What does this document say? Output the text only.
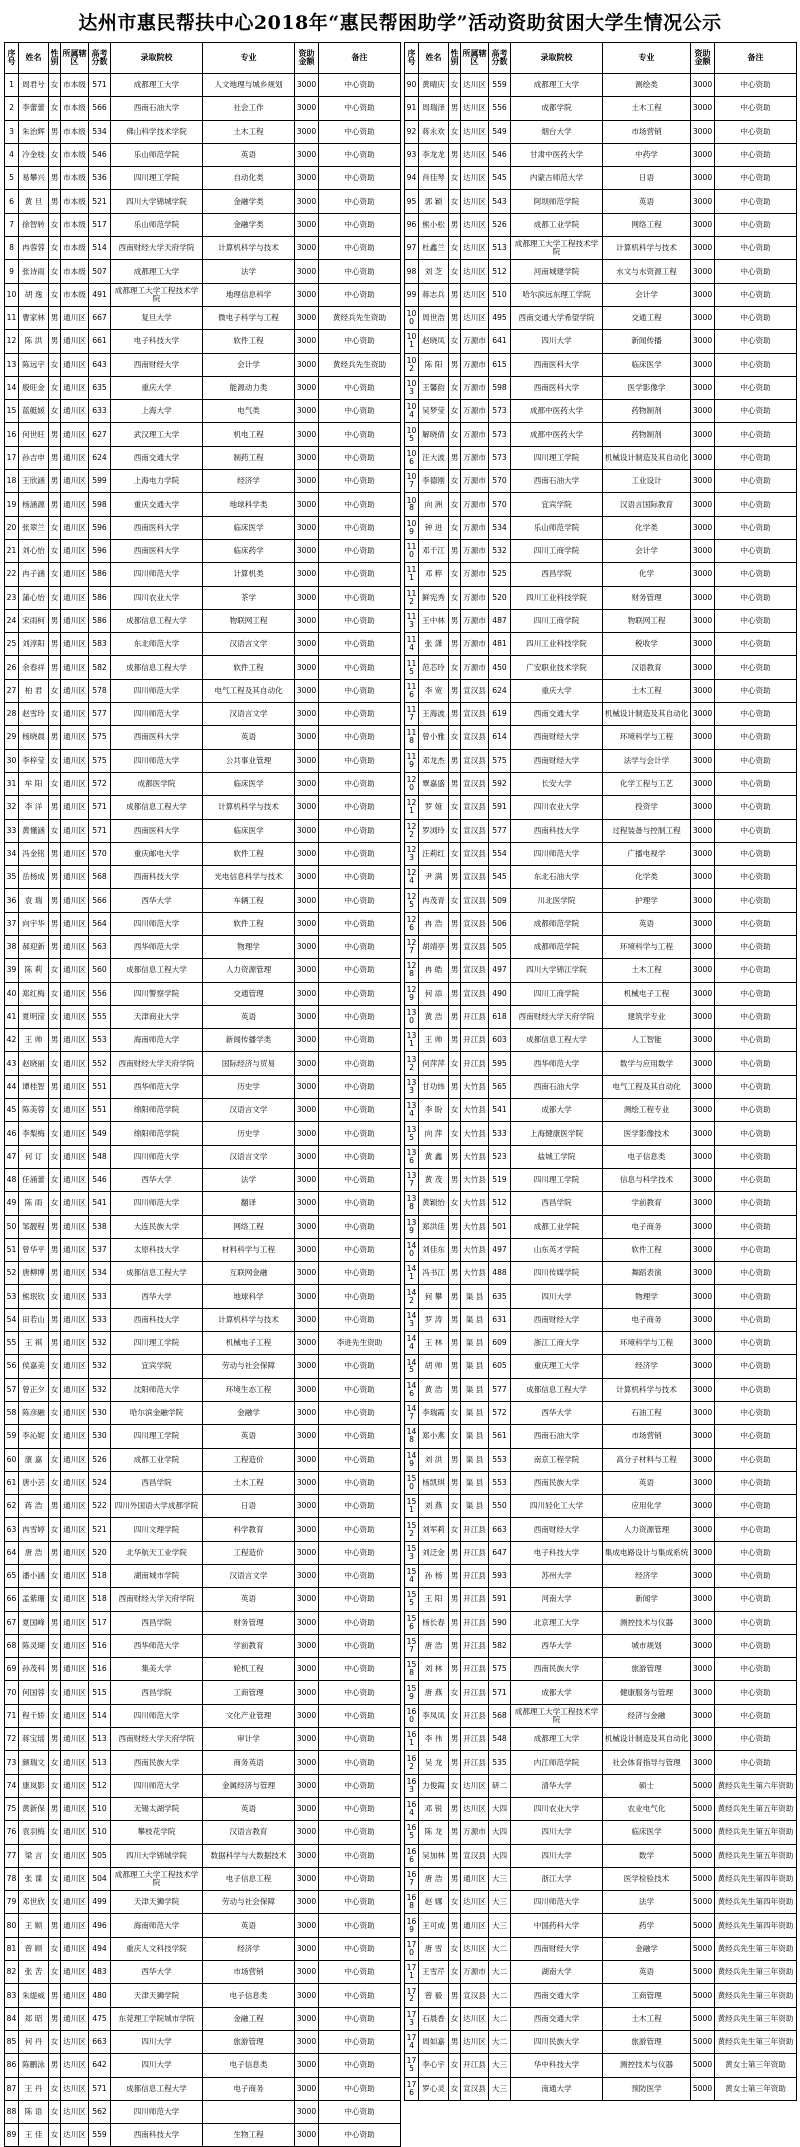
达州市惠民帮扶中心2018年“惠民帮困助学”活动资助贫困大学生情况公示
序号	姓名	性别	所属辖区	高考分数	录取院校	专业	资助金额	备注
1	周君兮	女	市本级	571	成都理工大学	人文地理与城乡规划	3000	中心资助
2	李蕾蕾	女	市本级	566	西南石油大学	社会工作	3000	中心资助
3	朱治辉	男	市本级	534	佛山科学技术学院	土木工程	3000	中心资助
4	冷金枝	女	市本级	546	乐山师范学院	英语	3000	中心资助
5	易攀兴	男	市本级	536	四川理工学院	自动化类	3000	中心资助
6	黄 旦	男	市本级	521	四川大学锦城学院	金融学类	3000	中心资助
7	徐智转	女	市本级	517	乐山师范学院	金融学类	3000	中心资助
8	冉蓉蓉	女	市本级	514	西南财经大学天府学院	计算机科学与技术	3000	中心资助
9	张诗雨	女	市本级	507	成都理工大学	法学	3000	中心资助
10	胡 逸	女	市本级	491	成都理工大学工程技术学院	地理信息科学	3000	中心资助
11	曹家林	男	通川区	667	复旦大学	微电子科学与工程	3000	黄经兵先生资助
12	陈 洪	男	通川区	661	电子科技大学	软件工程	3000	中心资助
13	陈远宇	女	通川区	643	西南财经大学	会计学	3000	黄经兵先生资助
14	殷旺金	女	通川区	635	重庆大学	能源动力类	3000	中心资助
15	蓝艇媛	女	通川区	633	上海大学	电气类	3000	中心资助
16	何世旺	男	通川区	627	武汉理工大学	机电工程	3000	中心资助
17	孙吉申	男	通川区	624	西南交通大学	制药工程	3000	中心资助
18	王欣涵	男	通川区	599	上海电力学院	经济学	3000	中心资助
19	杨涵源	男	通川区	598	重庆交通大学	地球科学类	3000	中心资助
20	张翠兰	女	通川区	596	西南医科大学	临床医学	3000	中心资助
21	刘心怡	女	通川区	596	西南医科大学	临床药学	3000	中心资助
22	冉子涵	女	通川区	586	四川师范大学	计算机类	3000	中心资助
23	蒲心怡	女	通川区	586	四川农业大学	茶学	3000	中心资助
24	宋雨柯	男	通川区	586	成都信息工程大学	物联网工程	3000	中心资助
25	刘淳阳	男	通川区	583	东北师范大学	汉语言文学	3000	中心资助
26	余春祥	男	通川区	582	成都信息工程大学	软件工程	3000	中心资助
27	柏 君	女	通川区	578	四川师范大学	电气工程及其自动化	3000	中心资助
28	赵雪玲	女	通川区	577	四川师范大学	汉语言文学	3000	中心资助
29	杨晓晨	男	通川区	575	西南医科大学	英语	3000	中心资助
30	李梓莹	女	通川区	575	四川师范大学	公共事业管理	3000	中心资助
31	牟 阳	女	通川区	572	成都医学院	临床医学	3000	中心资助
32	李 洋	男	通川区	571	成都信息工程大学	计算机科学与技术	3000	中心资助
33	黄懂涵	女	通川区	571	西南医科大学	临床医学	3000	中心资助
34	冯金铭	男	通川区	570	重庆邮电大学	软件工程	3000	中心资助
35	岳杨成	男	通川区	568	西南科技大学	光电信息科学与技术	3000	中心资助
36	袁 瑞	男	通川区	566	西华大学	车辆工程	3000	中心资助
37	向宇华	男	通川区	564	四川师范大学	软件工程	3000	中心资助
38	郝迎新	男	通川区	563	西华师范大学	物理学	3000	中心资助
39	陈 莉	女	通川区	560	成都信息工程大学	人力资源管理	3000	中心资助
40	郑红梅	女	通川区	556	四川警察学院	交通管理	3000	中心资助
41	夏明滢	女	通川区	555	天津商业大学	英语	3000	中心资助
42	王 帅	男	通川区	553	海南师范大学	新闻传播学类	3000	中心资助
43	赵晓丽	女	通川区	552	西南财经大学天府学院	国际经济与贸易	3000	中心资助
44	谭桂智	男	通川区	551	西华师范大学	历史学	3000	中心资助
45	陈美蓉	女	通川区	551	绵阳师范学院	汉语言文学	3000	中心资助
46	李梨梅	女	通川区	549	绵阳师范学院	历史学	3000	中心资助
47	何 订	女	通川区	548	四川师范大学	汉语言文学	3000	中心资助
48	任涌蕾	女	通川区	546	西华大学	法学	3000	中心资助
49	陈 雨	女	通川区	541	四川师范大学	翻译	3000	中心资助
50	邹靓程	男	通川区	538	大连民族大学	网络工程	3000	中心资助
51	曾华平	男	通川区	537	太原科技大学	材料科学与工程	3000	中心资助
52	唐柳博	男	通川区	534	成都信息工程大学	互联网金融	3000	中心资助
53	熊珉钦	女	通川区	533	西华大学	地球科学	3000	中心资助
54	田若山	男	通川区	533	西南科技大学	计算机科学与技术	3000	中心资助
55	王 祺	男	通川区	532	四川理工学院	机械电子工程	3000	李进先生资助
56	侯嘉美	女	通川区	532	宜宾学院	劳动与社会保障	3000	中心资助
57	曾正夕	女	通川区	532	沈阳师范大学	环境生态工程	3000	中心资助
58	陈彦融	女	通川区	530	哈尔滨金融学院	金融学	3000	中心资助
59	李沁妮	女	通川区	530	四川理工学院	英语	3000	中心资助
60	康 嘉	女	通川区	526	成都工业学院	工程造价	3000	中心资助
61	唐小芸	女	通川区	524	西昌学院	土木工程	3000	中心资助
62	蒋 浩	男	通川区	522	四川外国语大学成都学院	日语	3000	中心资助
63	冉雪婷	女	通川区	521	四川文理学院	科学教育	3000	中心资助
64	唐 浩	男	通川区	520	北华航天工业学院	工程造价	3000	中心资助
65	潘小涵	女	通川区	518	湖南城市学院	汉语言文学	3000	中心资助
66	孟紫珊	女	通川区	518	西南财经大学天府学院	英语	3000	中心资助
67	夏国峰	男	通川区	517	西昌学院	财务管理	3000	中心资助
68	陈灵瑚	女	通川区	516	西华师范大学	学前教育	3000	中心资助
69	孙茂科	男	通川区	516	集美大学	轮机工程	3000	中心资助
70	何国蓉	女	通川区	515	西昌学院	工商管理	3000	中心资助
71	程千娇	女	通川区	514	四川师范大学	文化产业管理	3000	中心资助
72	蒋宝瑶	男	通川区	513	西南财经大学天府学院	审计学	3000	中心资助
73	颜瑞文	女	通川区	513	西南民族大学	商务英语	3000	中心资助
74	康岚影	女	通川区	512	四川师范大学	金属经济与管理	3000	中心资助
75	黄新保	男	通川区	510	无锡太湖学院	英语	3000	中心资助
76	袁羽梅	女	通川区	510	攀枝花学院	汉语言教育	3000	中心资助
77	梁 言	女	通川区	505	四川大学锦城学院	数据科学与大数据技术	3000	中心资助
78	张 谍	女	通川区	504	成都理工大学工程技术学院	电子信息工程	3000	中心资助
79	邓世欣	女	通川区	499	天津天狮学院	劳动与社会保障	3000	中心资助
80	王 顺	男	通川区	496	海南师范大学	英语	3000	中心资助
81	曾 顾	女	通川区	494	重庆人文科技学院	经济学	3000	中心资助
82	张 苦	女	通川区	483	西华大学	市场营销	3000	中心资助
83	朱缇威	男	通川区	480	天津天狮学院	电子信息类	3000	中心资助
84	郑 昭	男	通川区	475	东莞理工学院城市学院	金融工程	3000	中心资助
85	何 丹	女	达川区	663	四川大学	旅游管理	3000	中心资助
86	陈鹏泳	男	达川区	642	四川大学	电子信息类	3000	中心资助
87	王 丹	女	达川区	571	成都信息工程大学	电子商务	3000	中心资助
88	陈 语	女	达川区	562	四川师范大学		3000	中心资助
89	王 佳	女	达川区	559	西南科技大学	生物工程	3000	中心资助
序号	姓名	性别	所属辖区	高考分数	录取院校	专业	资助金额	备注
90	黄晴庆	女	达川区	559	成都理工大学	测绘类	3000	中心资助
91	周瑞泽	男	达川区	556	成都学院	土木工程	3000	中心资助
92	蒋永欢	女	达川区	549	烟台大学	市场营销	3000	中心资助
93	李龙龙	男	达川区	546	甘肃中医药大学	中药学	3000	中心资助
94	肖佳琴	女	达川区	545	内蒙古师范大学	日语	3000	中心资助
95	郭 颖	女	达川区	543	阿坝师范学院	英语	3000	中心资助
96	熊小松	男	达川区	526	成都工业学院	网络工程	3000	中心资助
97	杜鑫兰	女	达川区	513	成都理工大学工程技术学院	计算机科学与技术	3000	中心资助
98	刘 芝	女	达川区	512	河南城建学院	水文与水资源工程	3000	中心资助
99	蒋志兵	男	达川区	510	哈尔滨远东理工学院	会计学	3000	中心资助
100	周世浩	男	达川区	495	西南交通大学希望学院	交通工程	3000	中心资助
101	赵晓凤	女	万源市	641	四川大学	新闻传播	3000	中心资助
102	陈 阳	男	万源市	615	西南医科大学	临床医学	3000	中心资助
103	王馨韵	女	万源市	598	西南医科大学	医学影像学	3000	中心资助
104	吴梦莹	女	万源市	573	成都中医药大学	药物制剂	3000	中心资助
105	解晓倩	女	万源市	573	成都中医药大学	药物制剂	3000	中心资助
106	汪大波	男	万源市	573	四川理工学院	机械设计制造及其自动化	3000	中心资助
107	李德刚	女	万源市	570	西南石油大学	工业设计	3000	中心资助
108	向 洲	女	万源市	570	宜宾学院	汉语言国际教育	3000	中心资助
109	钟 进	女	万源市	534	乐山师范学院	化学类	3000	中心资助
110	邓千江	男	万源市	532	四川工商学院	会计学	3000	中心资助
111	邓 粹	女	万源市	525	西昌学院	化学	3000	中心资助
112	鲜宪秀	女	万源市	520	四川工业科技学院	财务管理	3000	中心资助
113	王中林	男	万源市	487	四川工商学院	物联网工程	3000	中心资助
114	张 潇	男	万源市	481	四川工业科技学院	税收学	3000	中心资助
115	范芯玲	女	万源市	450	广安职业技术学院	汉语教育	3000	中心资助
116	李 宽	男	宣汉县	624	重庆大学	土木工程	3000	中心资助
117	王海波	男	宣汉县	619	西南交通大学	机械设计制造及其自动化	3000	中心资助
118	曾小雅	女	宣汉县	614	西南财经大学	环境科学与工程	3000	中心资助
119	邓龙杰	男	宣汉县	575	西南财经大学	法学与会计学	3000	中心资助
120	覃嘉盛	男	宣汉县	592	长安大学	化学工程与工艺	3000	中心资助
121	罗 娅	女	宣汉县	591	四川农业大学	投资学	3000	中心资助
122	罗浏玲	女	宣汉县	577	西南科技大学	过程装备与控制工程	3000	中心资助
123	汪莉红	女	宣汉县	554	四川师范大学	广播电视学	3000	中心资助
124	尹 满	男	宣汉县	545	东北石油大学	化学类	3000	中心资助
125	冉茂青	女	宣汉县	509	川北医学院	护理学	3000	中心资助
126	冉 浩	男	宣汉县	506	成都师范学院	英语	3000	中心资助
127	胡靖亭	男	宣汉县	505	成都师范学院	环境科学与工程	3000	中心资助
128	冉 皓	男	宣汉县	497	四川大学锦江学院	土木工程	3000	中心资助
129	何 添	男	宣汉县	490	四川工商学院	机械电子工程	3000	中心资助
130	黄 浩	男	开江县	618	西南财经大学天府学院	建筑学专业	3000	中心资助
131	王 帅	男	开江县	603	成都信息工程大学	人工智能	3000	中心资助
132	何萍萍	女	开江县	595	西华师范大学	数学与应用数学	3000	中心资助
133	甘功炜	男	大竹县	565	西南石油大学	电气工程及其自动化	3000	中心资助
134	李 盼	女	大竹县	541	成都大学	测绘工程专业	3000	中心资助
135	向 萍	女	大竹县	533	上海健康医学院	医学影像技术	3000	中心资助
136	黄 鑫	男	大竹县	523	盐城工学院	电子信息类	3000	中心资助
137	黄 茂	男	大竹县	519	四川理工学院	信息与科学技术	3000	中心资助
138	黄颖怡	女	大竹县	512	西昌学院	学前教育	3000	中心资助
139	郑洪佳	男	大竹县	501	成都工业学院	电子商务	3000	中心资助
140	刘佳东	男	大竹县	497	山东英才学院	软件工程	3000	中心资助
141	冯书江	男	大竹县	488	四川传媒学院	舞蹈表演	3000	中心资助
142	何 攀	男	渠 县	635	四川大学	物理学	3000	中心资助
143	罗 涛	男	渠 县	631	西南财经大学	电子商务	3000	中心资助
144	王 林	男	渠 县	609	浙江工商大学	环境科学与工程	3000	中心资助
145	胡 帅	男	渠 县	605	重庆理工大学	经济学	3000	中心资助
146	黄 浩	男	渠 县	577	成都信息工程大学	计算机科学与技术	3000	中心资助
147	李瑞霞	女	渠 县	572	西华大学	石油工程	3000	中心资助
148	郑小燕	女	渠 县	561	西南石油大学	市场营销	3000	中心资助
149	刘 洪	男	渠 县	553	南京工程学院	高分子材料与工程	3000	中心资助
150	杨凯琪	男	渠 县	553	西南民族大学	英语	3000	中心资助
151	刘 燕	女	渠 县	550	四川轻化工大学	应用化学	3000	中心资助
152	刘军莉	女	开江县	663	西南财经大学	人力资源管理	3000	中心资助
153	刘泛金	男	开江县	647	电子科技大学	集成电路设计与集成系统	3000	中心资助
154	孙 杨	男	开江县	593	苏州大学	经济学	3000	中心资助
155	王 阳	男	开江县	591	河南大学	新闻学	3000	中心资助
156	杨长春	男	开江县	590	北京理工大学	测控技术与仪器	3000	中心资助
157	唐 浩	男	开江县	582	西华大学	城市规划	3000	中心资助
158	刘 林	男	开江县	575	西南民族大学	旅游管理	3000	中心资助
159	唐 燕	女	开江县	571	成都大学	健康服务与管理	3000	中心资助
160	李凤凤	女	开江县	568	成都理工大学工程技术学院	经济与金融	3000	中心资助
161	李 伟	男	开江县	548	成都理工大学	机械设计制造及其自动化	3000	中心资助
162	吴 龙	男	开江县	535	内江师范学院	社会体育指导与管理	3000	中心资助
163	力俊霞	女	达川区	研二	清华大学	硕士	5000	黄经兵先生第六年资助
164	邓 锐	男	达川区	大四	四川农业大学	农业电气化	5000	黄经兵先生第五年资助
165	陈 龙	男	万源市	大四	四川大学	临床医学	5000	黄经兵先生第五年资助
166	吴加林	男	宣汉县	大四	四川大学	数学	5000	黄经兵先生第五年资助
167	唐 浩	男	通川区	大三	浙江大学	医学检验技术	5000	黄经兵先生第四年资助
168	赵 娜	女	达川区	大三	四川师范大学	法学	5000	黄经兵先生第四年资助
169	王可成	男	通川区	大三	中国药科大学	药学	5000	黄经兵先生第四年资助
170	唐 雪	女	达川区	大二	西南财经大学	金融学	5000	黄经兵先生第三年资助
171	王雪芹	女	万源市	大二	湖南大学	英语	5000	黄经兵先生第三年资助
172	曾 毅	男	宣汉县	大二	西南交通大学	工商管理	5000	黄经兵先生第三年资助
173	石晨香	女	达川区	大二	西南交通大学	土木工程	5000	黄经兵先生第三年资助
174	周如嘉	男	达川区	大二	四川民族大学	旅游管理	5000	黄经兵先生第三年资助
175	李心宇	女	开江县	大三	华中科技大学	测控技术与仪器	5000	黄女士第三年资助
176	罗心灵	女	宣汉县	大三	南通大学	预防医学	5000	黄女士第三年资助
